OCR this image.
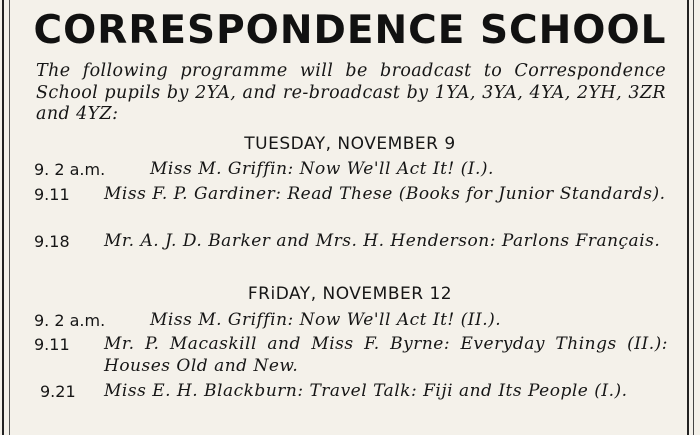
CORRESPONDENCE SCHOOL
The following programme will be broadcast to Correspondence School pupils by 2YA, and re-broadcast by 1YA, 3YA, 4YA, 2YH, 3ZR and 4YZ:
TUESDAY, NOVEMBER 9
9. 2 a.m.	Miss M. Griffin: Now We'll Act It! (I.).
9.11 Miss F. P. Gardiner: Read These (Books for Junior Standards).
9.18 Mr. A. J. D. Barker and Mrs. H. Henderson: Parlons Français.
FRiDAY, NOVEMBER 12
9. 2 a.m.	Miss M. Griffin: Now We'll Act It! (II.).
9.11 Mr. P. Macaskill and Miss F. Byrne: Everyday Things (II.): Houses Old and New.
9.21 Miss E. H. Blackburn: Travel Talk: Fiji and Its People (I.).
